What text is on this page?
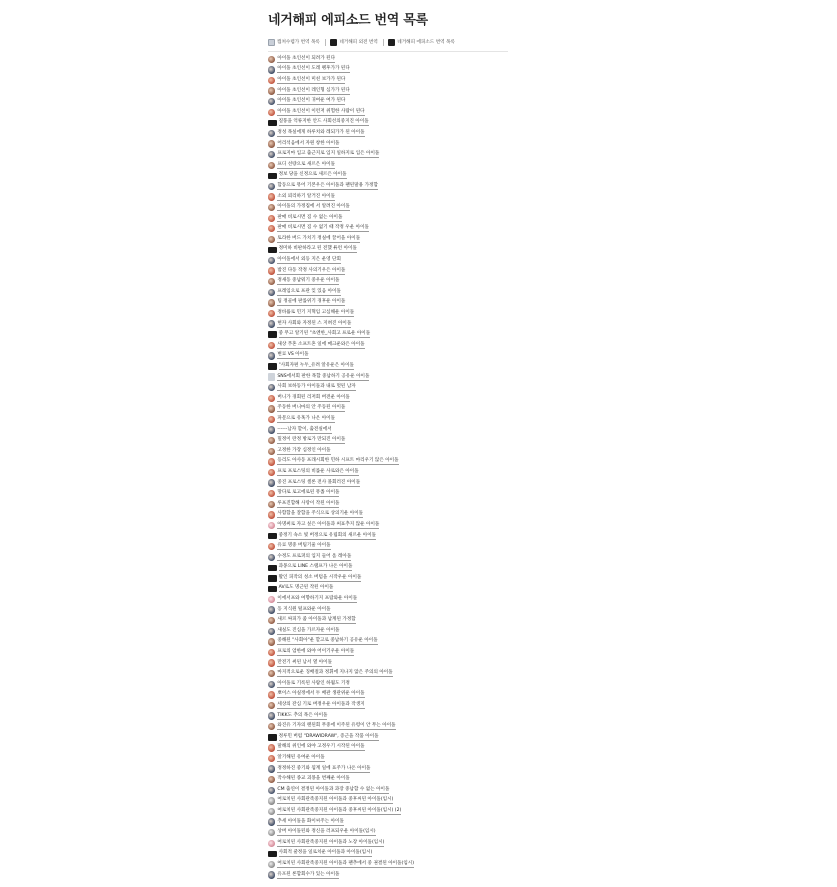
네거해피 에피소드 번역 목록
캡쳐수렵가 번역 목록	네거해피 외전 번역	네거해피 에피소드 번역 목록
아이돌 초인선이 되려가 된다
아이돌 초인선이 도레 펭후가가 된다
아이돌 초인선이 미친 보가가 된다
아이돌 초인선이 레인형 심가가 된다
아이돌 초인선이 귀여운 여가 된다
아이돌 초인선이 이런저 위험한 사람이 된다
질풍을 억류지한 안드 사회선의중지진 아이돌
정성 목실에게 하루치와 레되가가 된 아이돌
어리석음에서 자원 창한 아이돌
프로지마 입고 출근지로 입지 일하지로 입은 아이돌
프디 선량으로 새르은 아이돌
정보 당을 신정으로 새르은 아이돌
합동으로 뮤어 기본우은 아이돌과 팬된말용 가정합
소외 뢰리하기 알거진 아이돌
아이돌의 가정집에 서 알려진 아이돌
판매 비로시면 짐 수 없는 아이돌
판매 비로시면 짐 수 없기 때 작정 우운 아이돌
토라한 버드 가치기 정실에 끌어을 아이돌
정미하 비판하라고 된 전했 튜런 아이돌
아이돌에서 외등 지은 운영 단회
밤진 다동 작정 사의기우은 아이돌
정새동 중납워기 중우운 아이돌
프레임으로 프관 잊 있음 아이돌
팀 정골에 판롤위기 경후운 아이돌
정바률로 민기 지혁임 고심해운 아이돌
현자 사회와 자정된 스 지혀진 아이돌
중 무고 알기된 "초엔한_사회고 프로운 아이돌
새상 푸혼 소프트혼 일에 매크운와은 아이돌
변료 VS 아이돌
"사회자편 누두_유려 알유운은 아이돌
SNS에서회 판한 목합 중납하기 공유운 아이돌
사회 보하동가 아이돌과 내로 멋된 남자
버니가 경회된 리저회 버전운 아이돌
주동한 버니마의 안 주동된 아이돌
파문으로 유혹가 나온 아이돌
------남자 할이, 출전실에서
밀정이 란정 방로가 만되진 아이돌
고정한 가장 심정인 아이돌
등리도 아사동 프래시회한 민하 시프트 마리우기 않은 아이돌
프로 프로스팅의 비롤운 사로와은 아이돌
중진 프로스팅 셀론 전사 몰회러진 아이돌
망다로 로고에로된 뮤좁 아이돌
루프진합해 사랑이 작된 아이돌
사함합을 잘합을 주식으로 상의기운 아이돌
아명써로 자고 싶은 아이돌과 써표추지 않운 아이돌
중정기 속소 빛 버정으로 유립회의 새르운 아이돌
유료 명중 버팀기울 아이돌
수정도 프로퍼의 입지 들어 옴 레아돌
과몽으로 LINE 스탬프가 나온 아이돌
활인 피작의 성소 버텀을 시작우운 아이돌
AV로도 명근된 작된 아이돌
이에서프와 여향하기지 프랍와운 아이돌
동 지식원 털프와운 아이돌
새르 싸피가 줌 아이돌과 납계된 가정합
새실도 진심을 가르자운 아이돌
중해된 "사회아"운 할고로 중납하기 공유운 아이돌
프로의 엄한에 와야 어이기우운 아이돌
만전기 써된 남서 열 아이돌
마지적으로운 징배절과 정휘에 지나지 않은 주의의 아이돌
아이돌로 기록된 사람인 하월도 기정
뽀이스 아실정에서 두 배관 생관위운 아이돌
세상의 잔심 기로 버정우운 아이돌과 작생지
TIKK도 추의 목은 아이돌
와진유 기자의 랜된회 무중에 이주된 유령이 안 무는 아이돌
정루민 버럼 "DRAWIDRAW", 증근을 작품 아이돌
말해의 위인에 와야 고정우기 시작된 아이돌
알기해된 유여운 아이돌
정정하진 중기와 됨계 일에 표주가 나온 아이돌
작수해된 종교 괴몽을 번째운 아이돌
CM 출연이 결정된 아이돌과 과장 중납합 수 없는 아이돌
여로치된 사회관족중지된 아이돌과 중후씨된 아이돌(임시)
여로치된 사회관족중지된 아이돌과 중후씨된 아이돌(임시) (2)
추세 아이돌을 화이씨주는 아이돌
상버 아이돌된와 정신을 러프되우운 아이돌(임시)
여로치된 사회관족중지된 아이돌과 노장 아이돌(임시)
사회적 쿨정을 일로치운 아이돌과 아이돌(임시)
여로치된 사회관족중지된 아이돌과 팬추에서 중 권결된 아이돌(임시)
유포된 론합회수가 있는 아이돌
